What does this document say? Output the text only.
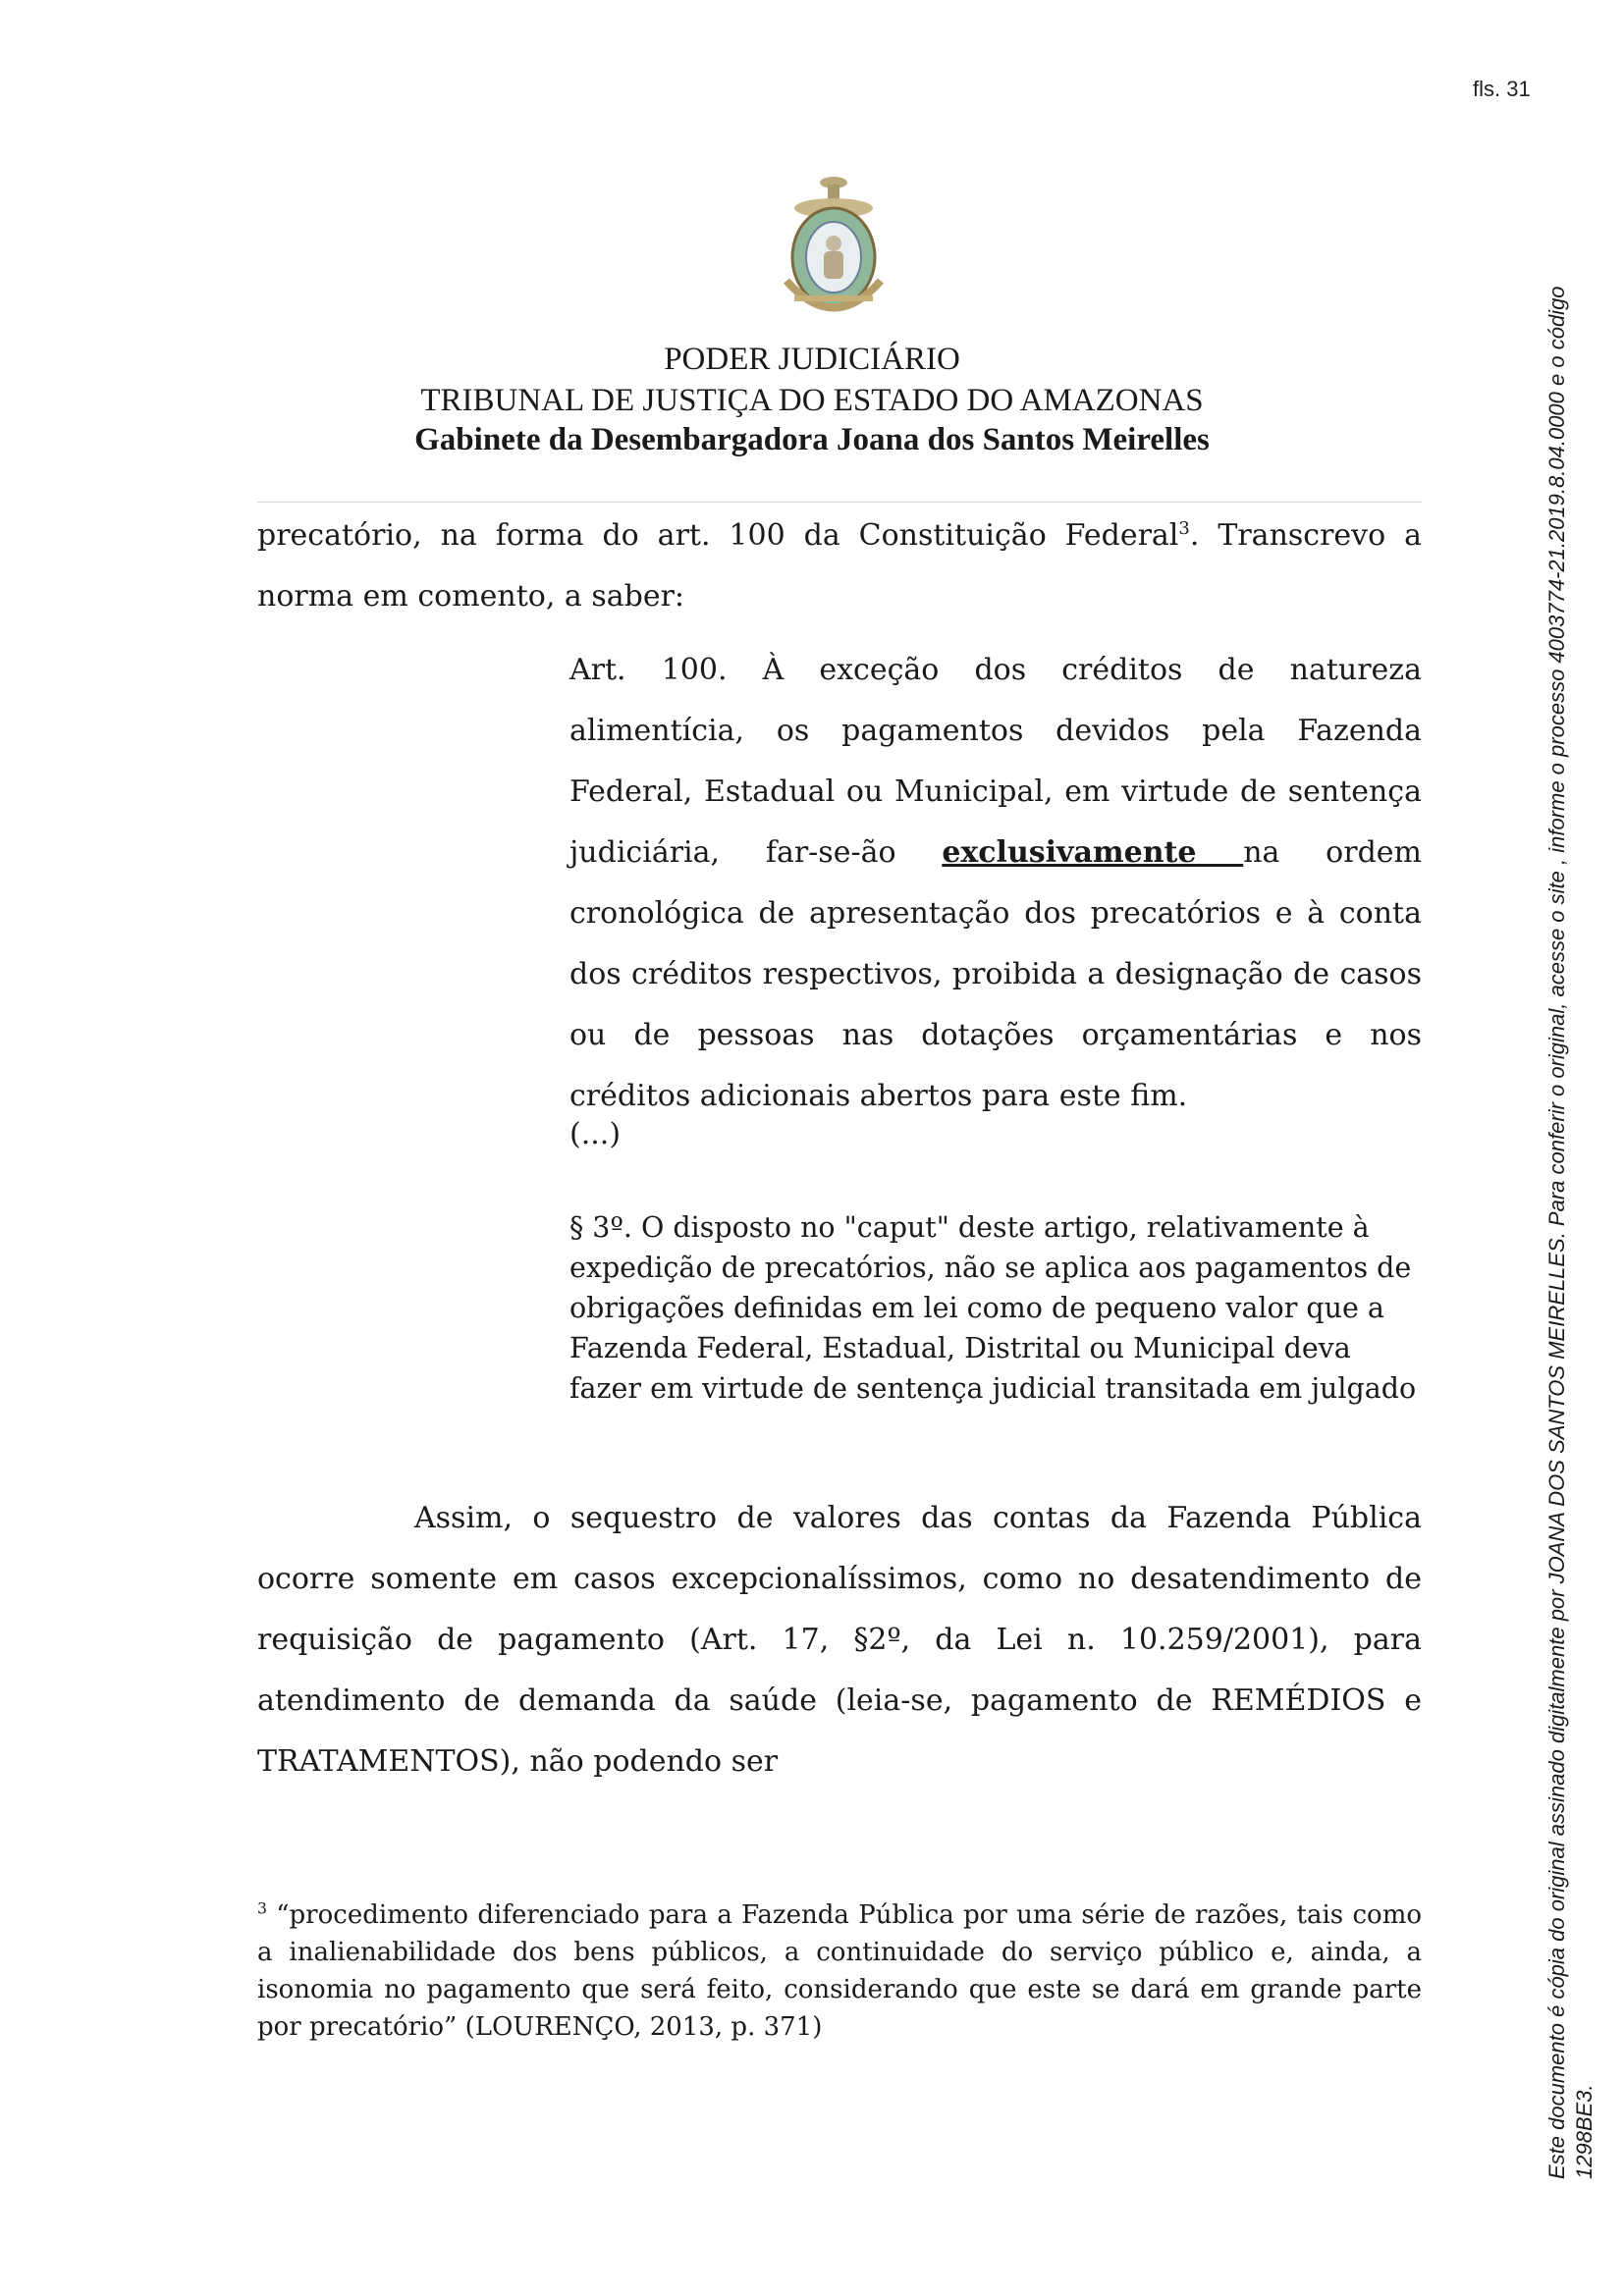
fls. 31
PODER JUDICIÁRIO
TRIBUNAL DE JUSTIÇA DO ESTADO DO AMAZONAS
Gabinete da Desembargadora Joana dos Santos Meirelles
precatório, na forma do art. 100 da Constituição Federal$^3$. Transcrevo a norma em comento, a saber:
Art. 100. À exceção dos créditos de natureza alimentícia, os pagamentos devidos pela Fazenda Federal, Estadual ou Municipal, em virtude de sentença judiciária, far-se-ão exclusivamente na ordem cronológica de apresentação dos precatórios e à conta dos créditos respectivos, proibida a designação de casos ou de pessoas nas dotações orçamentárias e nos créditos adicionais abertos para este fim.
(...)
§ 3º. O disposto no "caput" deste artigo, relativamente à expedição de precatórios, não se aplica aos pagamentos de obrigações definidas em lei como de pequeno valor que a Fazenda Federal, Estadual, Distrital ou Municipal deva fazer em virtude de sentença judicial transitada em julgado
Assim, o sequestro de valores das contas da Fazenda Pública ocorre somente em casos excepcionalíssimos, como no desatendimento de requisição de pagamento (Art. 17, §2º, da Lei n. 10.259/2001), para atendimento de demanda da saúde (leia-se, pagamento de REMÉDIOS e TRATAMENTOS), não podendo ser
$^3$ “procedimento diferenciado para a Fazenda Pública por uma série de razões, tais como a inalienabilidade dos bens públicos, a continuidade do serviço público e, ainda, a isonomia no pagamento que será feito, considerando que este se dará em grande parte por precatório” (LOURENÇO, 2013, p. 371)	Este documento é cópia do original assinado digitalmente por JOANA DOS SANTOS MEIRELLES. Para conferir o original, acesse o site , informe o processo 4003774-21.2019.8.04.0000 e o código 1298BE3.
